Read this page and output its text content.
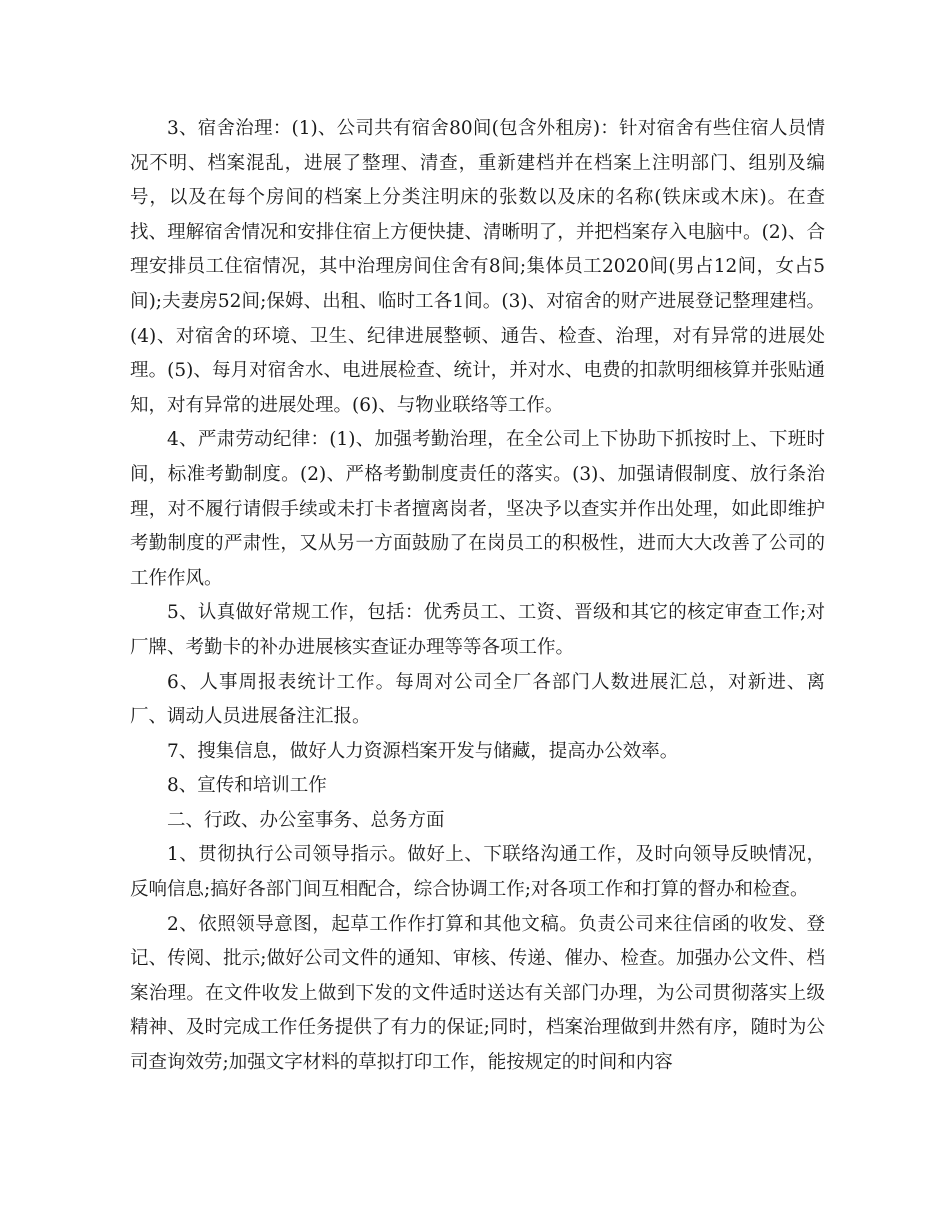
3、宿舍治理：(1)、公司共有宿舍80间(包含外租房)：针对宿舍有些住宿人员情况不明、档案混乱，进展了整理、清查，重新建档并在档案上注明部门、组别及编号，以及在每个房间的档案上分类注明床的张数以及床的名称(铁床或木床)。在查找、理解宿舍情况和安排住宿上方便快捷、清晰明了，并把档案存入电脑中。(2)、合理安排员工住宿情况，其中治理房间住舍有8间;集体员工2020间(男占12间，女占5间);夫妻房52间;保姆、出租、临时工各1间。(3)、对宿舍的财产进展登记整理建档。(4)、对宿舍的环境、卫生、纪律进展整顿、通告、检查、治理，对有异常的进展处理。(5)、每月对宿舍水、电进展检查、统计，并对水、电费的扣款明细核算并张贴通知，对有异常的进展处理。(6)、与物业联络等工作。

4、严肃劳动纪律：(1)、加强考勤治理，在全公司上下协助下抓按时上、下班时间，标准考勤制度。(2)、严格考勤制度责任的落实。(3)、加强请假制度、放行条治理，对不履行请假手续或未打卡者擅离岗者，坚决予以查实并作出处理，如此即维护考勤制度的严肃性，又从另一方面鼓励了在岗员工的积极性，进而大大改善了公司的工作作风。

5、认真做好常规工作，包括：优秀员工、工资、晋级和其它的核定审查工作;对厂牌、考勤卡的补办进展核实查证办理等等各项工作。

6、人事周报表统计工作。每周对公司全厂各部门人数进展汇总，对新进、离厂、调动人员进展备注汇报。

7、搜集信息，做好人力资源档案开发与储藏，提高办公效率。

8、宣传和培训工作

二、行政、办公室事务、总务方面

1、贯彻执行公司领导指示。做好上、下联络沟通工作，及时向领导反映情况，反响信息;搞好各部门间互相配合，综合协调工作;对各项工作和打算的督办和检查。

2、依照领导意图，起草工作作打算和其他文稿。负责公司来往信函的收发、登记、传阅、批示;做好公司文件的通知、审核、传递、催办、检查。加强办公文件、档案治理。在文件收发上做到下发的文件适时送达有关部门办理，为公司贯彻落实上级精神、及时完成工作任务提供了有力的保证;同时，档案治理做到井然有序，随时为公司查询效劳;加强文字材料的草拟打印工作，能按规定的时间和内容
